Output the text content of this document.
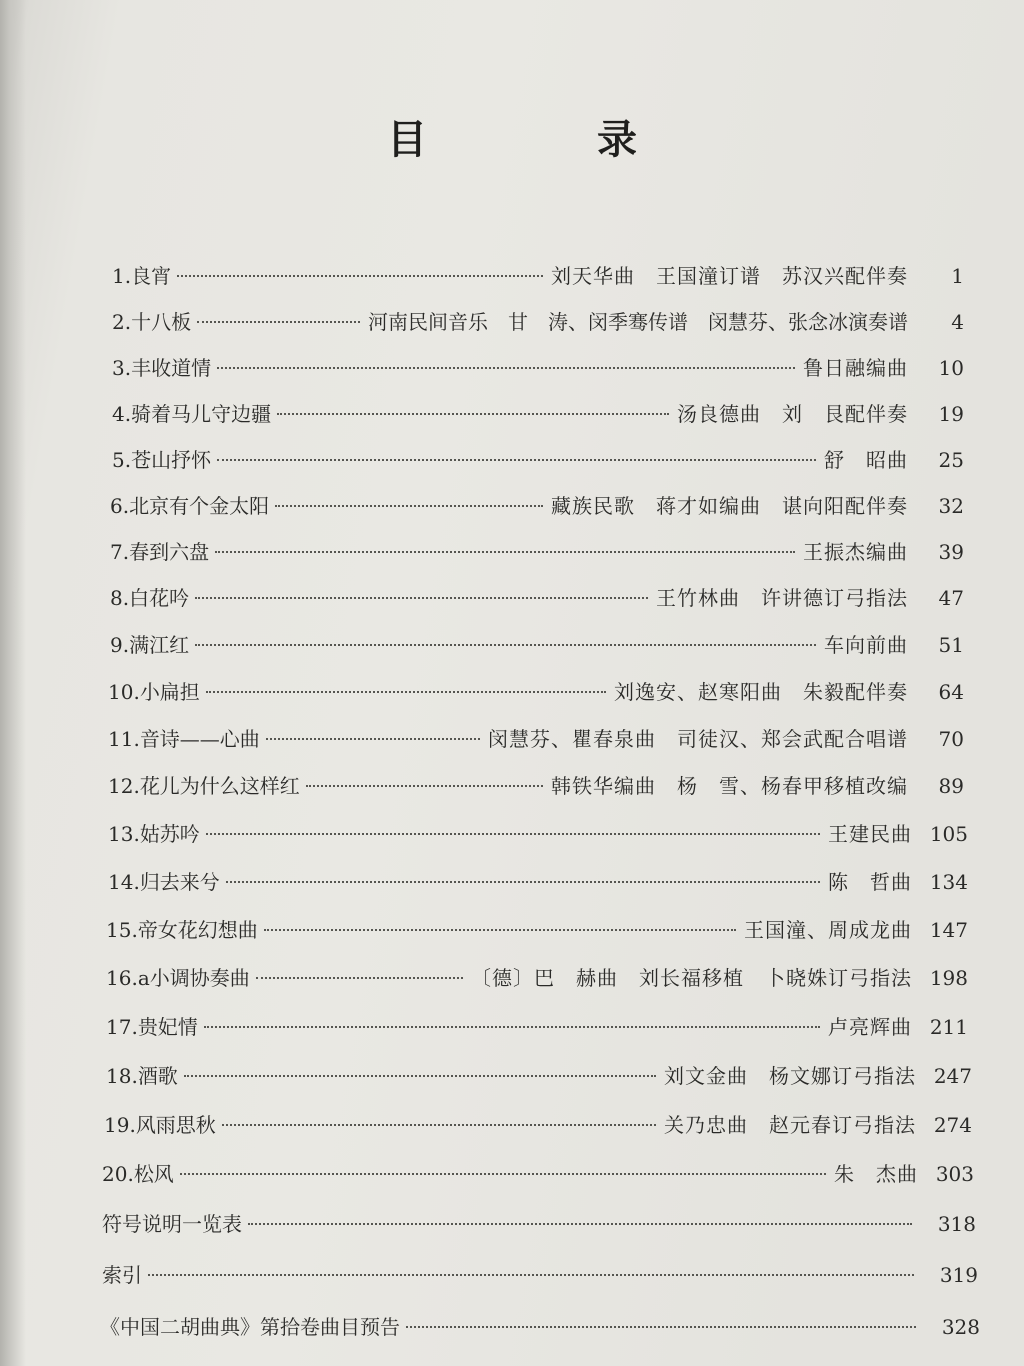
目 录
1. 良宵	刘天华曲　王国潼订谱　苏汉兴配伴奏	1
2. 十八板	河南民间音乐　甘　涛、闵季骞传谱　闵慧芬、张念冰演奏谱	4
3. 丰收道情	鲁日融编曲	10
4. 骑着马儿守边疆	汤良德曲　刘　艮配伴奏	19
5. 苍山抒怀	舒　昭曲	25
6. 北京有个金太阳	藏族民歌　蒋才如编曲　谌向阳配伴奏	32
7. 春到六盘	王振杰编曲	39
8. 白花吟	王竹林曲　许讲德订弓指法	47
9. 满江红	车向前曲	51
10. 小扁担	刘逸安、赵寒阳曲　朱毅配伴奏	64
11. 音诗——心曲	闵慧芬、瞿春泉曲　司徒汉、郑会武配合唱谱	70
12. 花儿为什么这样红	韩铁华编曲　杨　雪、杨春甲移植改编	89
13. 姑苏吟	王建民曲 105
14. 归去来兮	陈　哲曲 134
15. 帝女花幻想曲	王国潼、周成龙曲 147
16. a小调协奏曲	〔德〕巴　赫曲　刘长福移植　卜晓姝订弓指法 198
17. 贵妃情	卢亮辉曲 211
18. 酒歌	刘文金曲　杨文娜订弓指法 247
19. 风雨思秋	关乃忠曲　赵元春订弓指法 274
20. 松风	朱　杰曲 303
符号说明一览表	318
索引	319
《中国二胡曲典》第拾卷曲目预告	328
